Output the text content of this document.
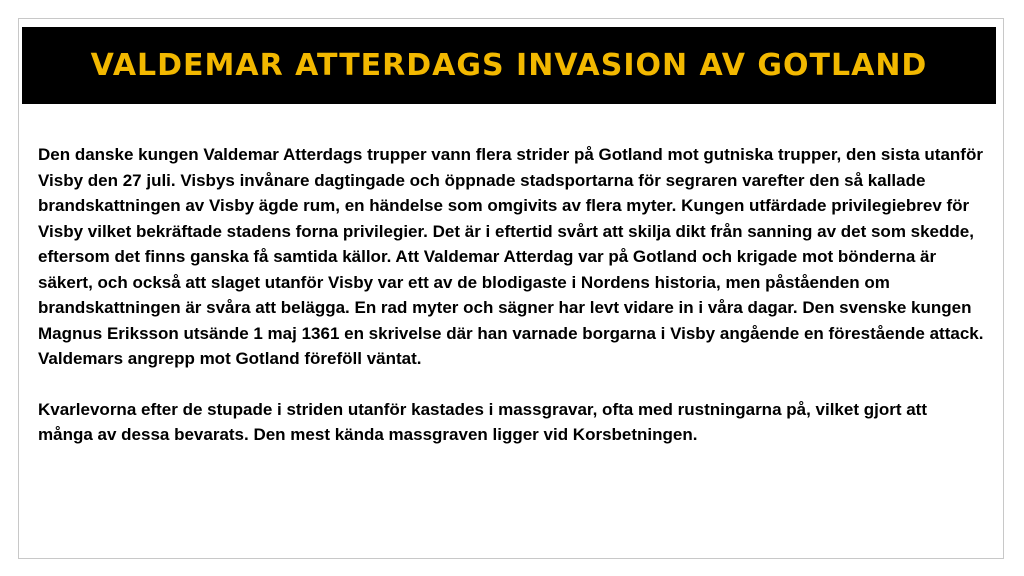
VALDEMAR ATTERDAGS INVASION AV GOTLAND

Den danske kungen Valdemar Atterdags trupper vann flera strider på Gotland mot gutniska trupper, den sista utanför Visby den 27 juli. Visbys invånare dagtingade och öppnade stadsportarna för segraren varefter den så kallade brandskattningen av Visby ägde rum, en händelse som omgivits av flera myter. Kungen utfärdade privilegiebrev för Visby vilket bekräftade stadens forna privilegier. Det är i eftertid svårt att skilja dikt från sanning av det som skedde, eftersom det finns ganska få samtida källor. Att Valdemar Atterdag var på Gotland och krigade mot bönderna är säkert, och också att slaget utanför Visby var ett av de blodigaste i Nordens historia, men påståenden om brandskattningen är svåra att belägga. En rad myter och sägner har levt vidare in i våra dagar. Den svenske kungen Magnus Eriksson utsände 1 maj 1361 en skrivelse där han varnade borgarna i Visby angående en förestående attack. Valdemars angrepp mot Gotland föreföll väntat.

Kvarlevorna efter de stupade i striden utanför kastades i massgravar, ofta med rustningarna på, vilket gjort att många av dessa bevarats. Den mest kända massgraven ligger vid Korsbetningen.
